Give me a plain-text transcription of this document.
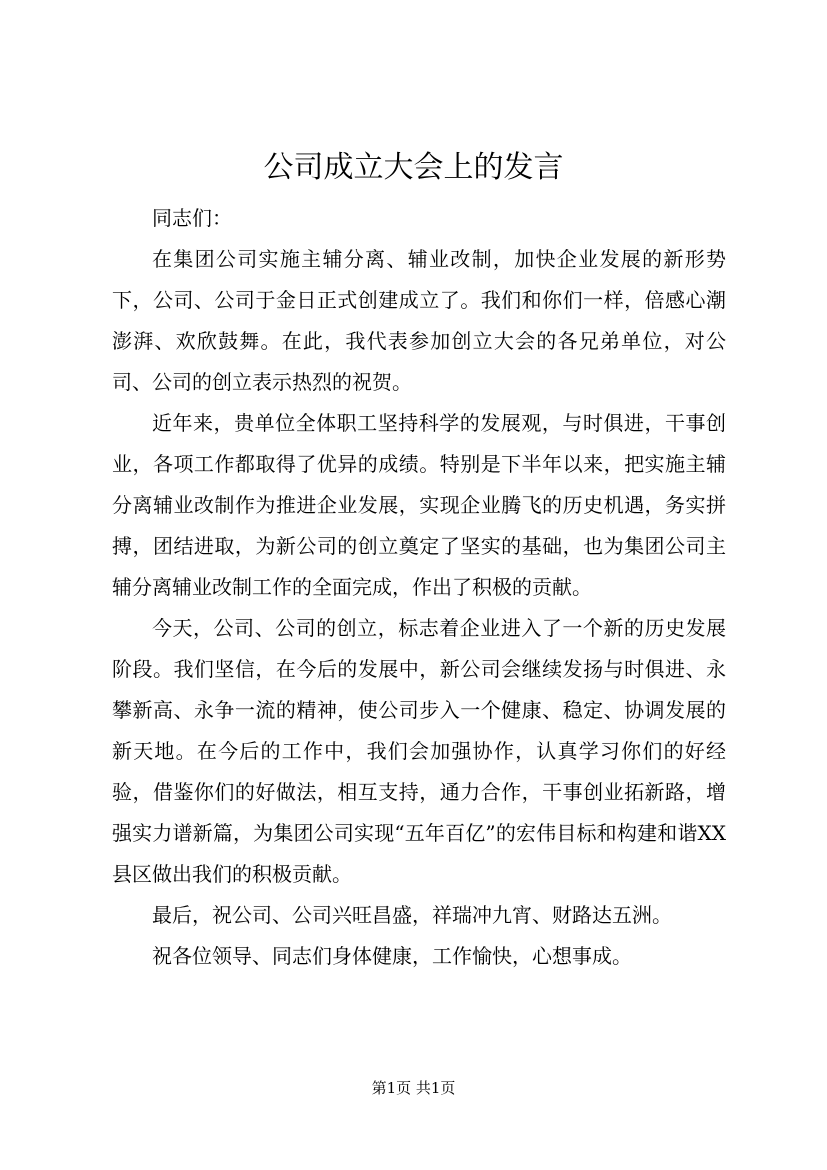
公司成立大会上的发言

同志们：

在集团公司实施主辅分离、辅业改制，加快企业发展的新形势下，公司、公司于金日正式创建成立了。我们和你们一样，倍感心潮澎湃、欢欣鼓舞。在此，我代表参加创立大会的各兄弟单位，对公司、公司的创立表示热烈的祝贺。

近年来，贵单位全体职工坚持科学的发展观，与时俱进，干事创业，各项工作都取得了优异的成绩。特别是下半年以来，把实施主辅分离辅业改制作为推进企业发展，实现企业腾飞的历史机遇，务实拼搏，团结进取，为新公司的创立奠定了坚实的基础，也为集团公司主辅分离辅业改制工作的全面完成，作出了积极的贡献。

今天，公司、公司的创立，标志着企业进入了一个新的历史发展阶段。我们坚信，在今后的发展中，新公司会继续发扬与时俱进、永攀新高、永争一流的精神，使公司步入一个健康、稳定、协调发展的新天地。在今后的工作中，我们会加强协作，认真学习你们的好经验，借鉴你们的好做法，相互支持，通力合作，干事创业拓新路，增强实力谱新篇，为集团公司实现“五年百亿”的宏伟目标和构建和谐XX县区做出我们的积极贡献。

最后，祝公司、公司兴旺昌盛，祥瑞冲九宵、财路达五洲。

祝各位领导、同志们身体健康，工作愉快，心想事成。

第1页 共1页
